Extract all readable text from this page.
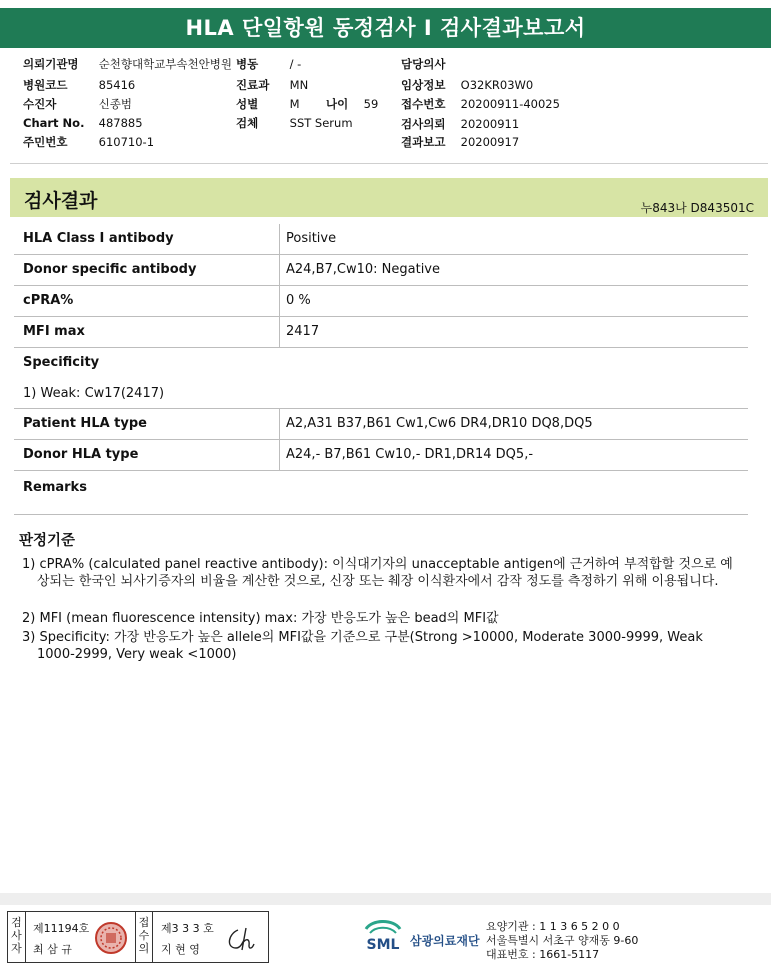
HLA 단일항원 동정검사 I 검사결과보고서
의뢰기관명 순천향대학교부속천안병원
병원코드	85416
수진자	신종범
Chart No. 487885
주민번호	610710-1
병동	/ -
진료과 MN
성별	M 나이 59
검체	SST Serum
담당의사
임상정보 O32KR03W0
접수번호 20200911-40025
검사의뢰 20200911
결과보고 20200917
검사결과	누843나 D843501C
HLA Class I antibody	Positive
Donor specific antibody	A24,B7,Cw10: Negative
cPRA%	0 %
MFI max	2417
Specificity
1) Weak: Cw17(2417)
Patient HLA type	A2,A31 B37,B61 Cw1,Cw6 DR4,DR10 DQ8,DQ5
Donor HLA type	A24,- B7,B61 Cw10,- DR1,DR14 DQ5,-
Remarks
판정기준
1) cPRA% (calculated panel reactive antibody): 이식대기자의 unacceptable antigen에 근거하여 부적합할 것으로 예상되는 한국인 뇌사기증자의 비율을 계산한 것으로, 신장 또는 췌장 이식환자에서 감작 정도를 측정하기 위해 이용됩니다.
2) MFI (mean fluorescence intensity) max: 가장 반응도가 높은 bead의 MFI값
3) Specificity: 가장 반응도가 높은 allele의 MFI값을 기준으로 구분(Strong >10000, Moderate 3000-9999, Weak 1000-2999, Very weak <1000)
검사자
제11194호
최 삼 규
접수의
제3 3 3 호
지 현 영	SML 삼광의료재단
요양기관 : 1 1 3 6 5 2 0 0
서울특별시 서초구 양재동 9-60
대표번호 : 1661-5117
